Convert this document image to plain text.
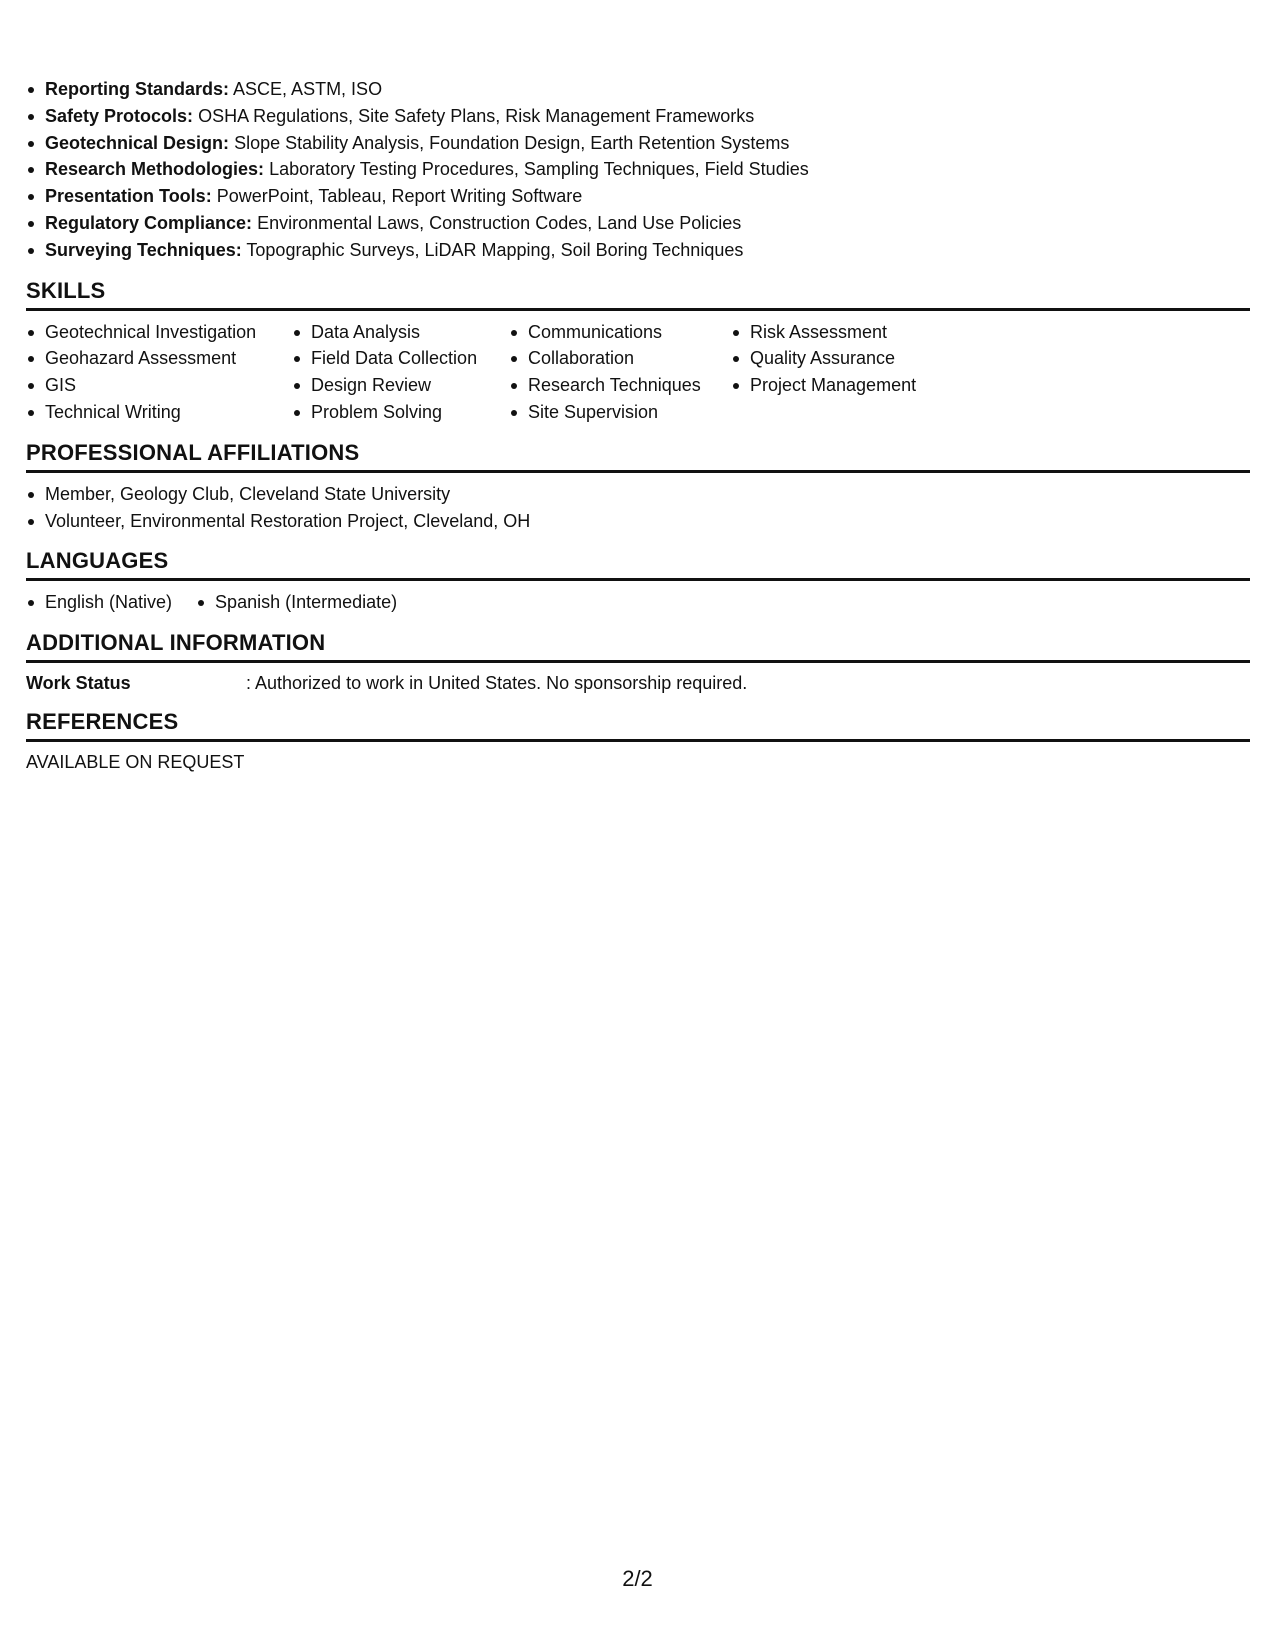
Reporting Standards: ASCE, ASTM, ISO
Safety Protocols: OSHA Regulations, Site Safety Plans, Risk Management Frameworks
Geotechnical Design: Slope Stability Analysis, Foundation Design, Earth Retention Systems
Research Methodologies: Laboratory Testing Procedures, Sampling Techniques, Field Studies
Presentation Tools: PowerPoint, Tableau, Report Writing Software
Regulatory Compliance: Environmental Laws, Construction Codes, Land Use Policies
Surveying Techniques: Topographic Surveys, LiDAR Mapping, Soil Boring Techniques
SKILLS
Geotechnical Investigation
Geohazard Assessment
GIS
Technical Writing
Data Analysis
Field Data Collection
Design Review
Problem Solving
Communications
Collaboration
Research Techniques
Site Supervision
Risk Assessment
Quality Assurance
Project Management
PROFESSIONAL AFFILIATIONS
Member, Geology Club, Cleveland State University
Volunteer, Environmental Restoration Project, Cleveland, OH
LANGUAGES
English (Native)	Spanish (Intermediate)
ADDITIONAL INFORMATION
Work Status	: Authorized to work in United States. No sponsorship required.
REFERENCES
AVAILABLE ON REQUEST
2/2
